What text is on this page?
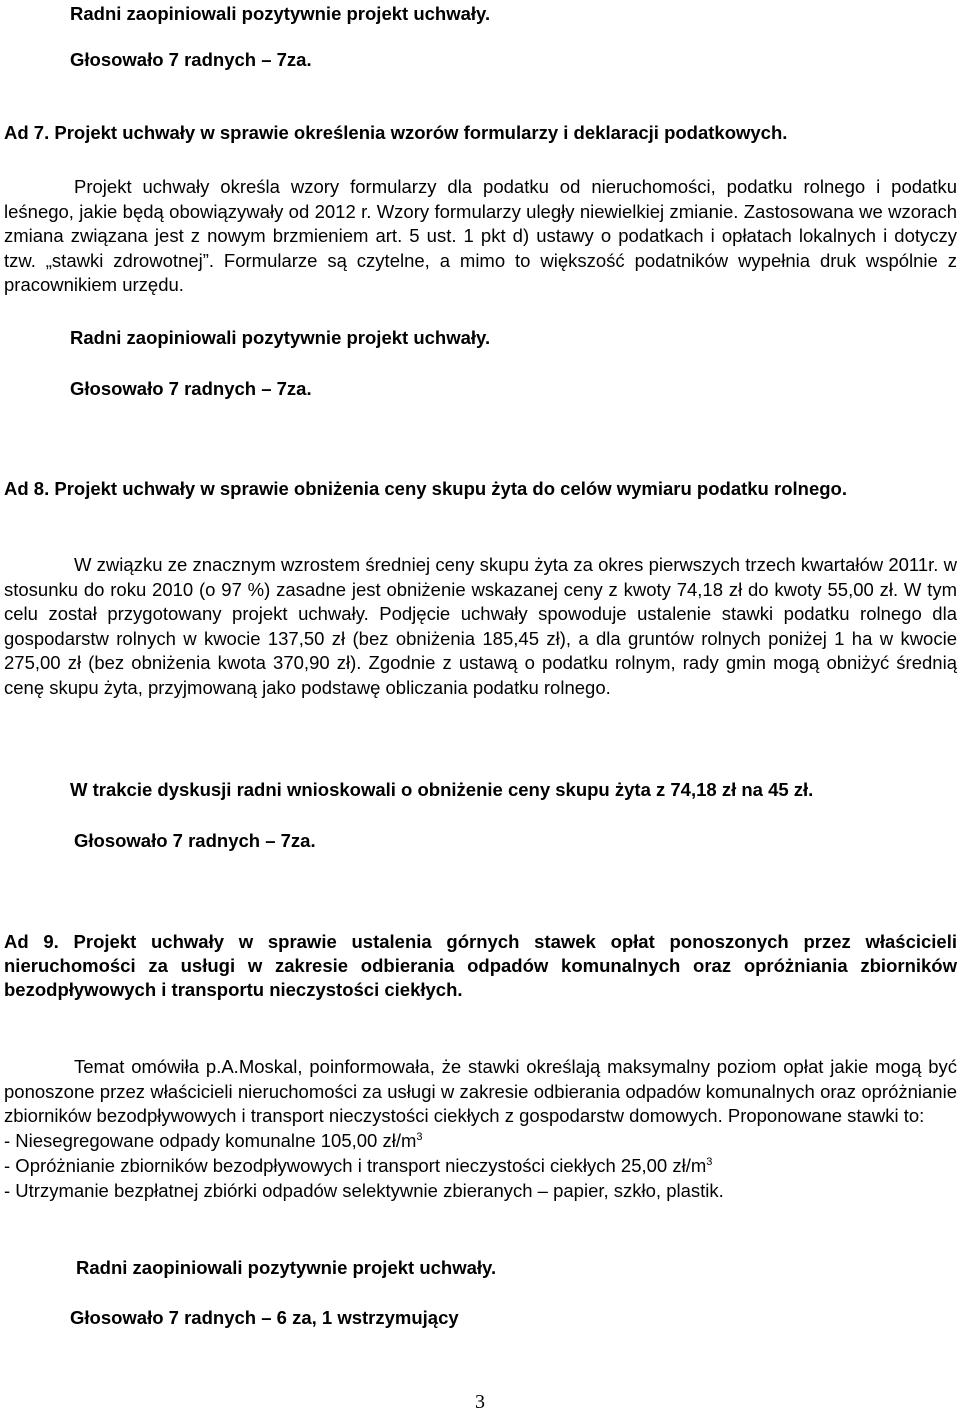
Radni zaopiniowali pozytywnie projekt uchwały.

Głosowało 7 radnych – 7za.

Ad 7. Projekt uchwały w sprawie określenia wzorów formularzy i deklaracji podatkowych.

Projekt uchwały określa wzory formularzy dla podatku od nieruchomości, podatku rolnego i podatku leśnego, jakie będą obowiązywały od 2012 r. Wzory formularzy uległy niewielkiej zmianie. Zastosowana we wzorach zmiana związana jest z nowym brzmieniem art. 5 ust. 1 pkt d) ustawy o podatkach i opłatach lokalnych i dotyczy tzw. „stawki zdrowotnej”. Formularze są czytelne, a mimo to większość podatników wypełnia druk wspólnie z pracownikiem urzędu.

Radni zaopiniowali pozytywnie projekt uchwały.

Głosowało 7 radnych – 7za.

Ad 8. Projekt uchwały w sprawie obniżenia ceny skupu żyta do celów wymiaru podatku rolnego.

W związku ze znacznym wzrostem średniej ceny skupu żyta za okres pierwszych trzech kwartałów 2011r. w stosunku do roku 2010 (o 97 %) zasadne jest obniżenie wskazanej ceny z kwoty 74,18 zł do kwoty 55,00 zł. W tym celu został przygotowany projekt uchwały. Podjęcie uchwały spowoduje ustalenie stawki podatku rolnego dla gospodarstw rolnych w kwocie 137,50 zł (bez obniżenia 185,45 zł), a dla gruntów rolnych poniżej 1 ha w kwocie 275,00 zł (bez obniżenia kwota 370,90 zł). Zgodnie z ustawą o podatku rolnym, rady gmin mogą obniżyć średnią cenę skupu żyta, przyjmowaną jako podstawę obliczania podatku rolnego.

W trakcie dyskusji radni wnioskowali o obniżenie ceny skupu żyta z 74,18 zł na 45 zł.

Głosowało 7 radnych – 7za.

Ad 9. Projekt uchwały w sprawie ustalenia górnych stawek opłat ponoszonych przez właścicieli nieruchomości za usługi w zakresie odbierania odpadów komunalnych oraz opróżniania zbiorników bezodpływowych i transportu nieczystości ciekłych.

Temat omówiła p.A.Moskal, poinformowała, że stawki określają maksymalny poziom opłat jakie mogą być ponoszone przez właścicieli nieruchomości za usługi w zakresie odbierania odpadów komunalnych oraz opróżnianie zbiorników bezodpływowych i transport nieczystości ciekłych z gospodarstw domowych. Proponowane stawki to:

- Niesegregowane odpady komunalne 105,00 $zł/m^3$

- Opróżnianie zbiorników bezodpływowych i transport nieczystości ciekłych 25,00 $zł/m^3$

- Utrzymanie bezpłatnej zbiórki odpadów selektywnie zbieranych – papier, szkło, plastik.

Radni zaopiniowali pozytywnie projekt uchwały.

Głosowało 7 radnych – 6 za, 1 wstrzymujący

3
